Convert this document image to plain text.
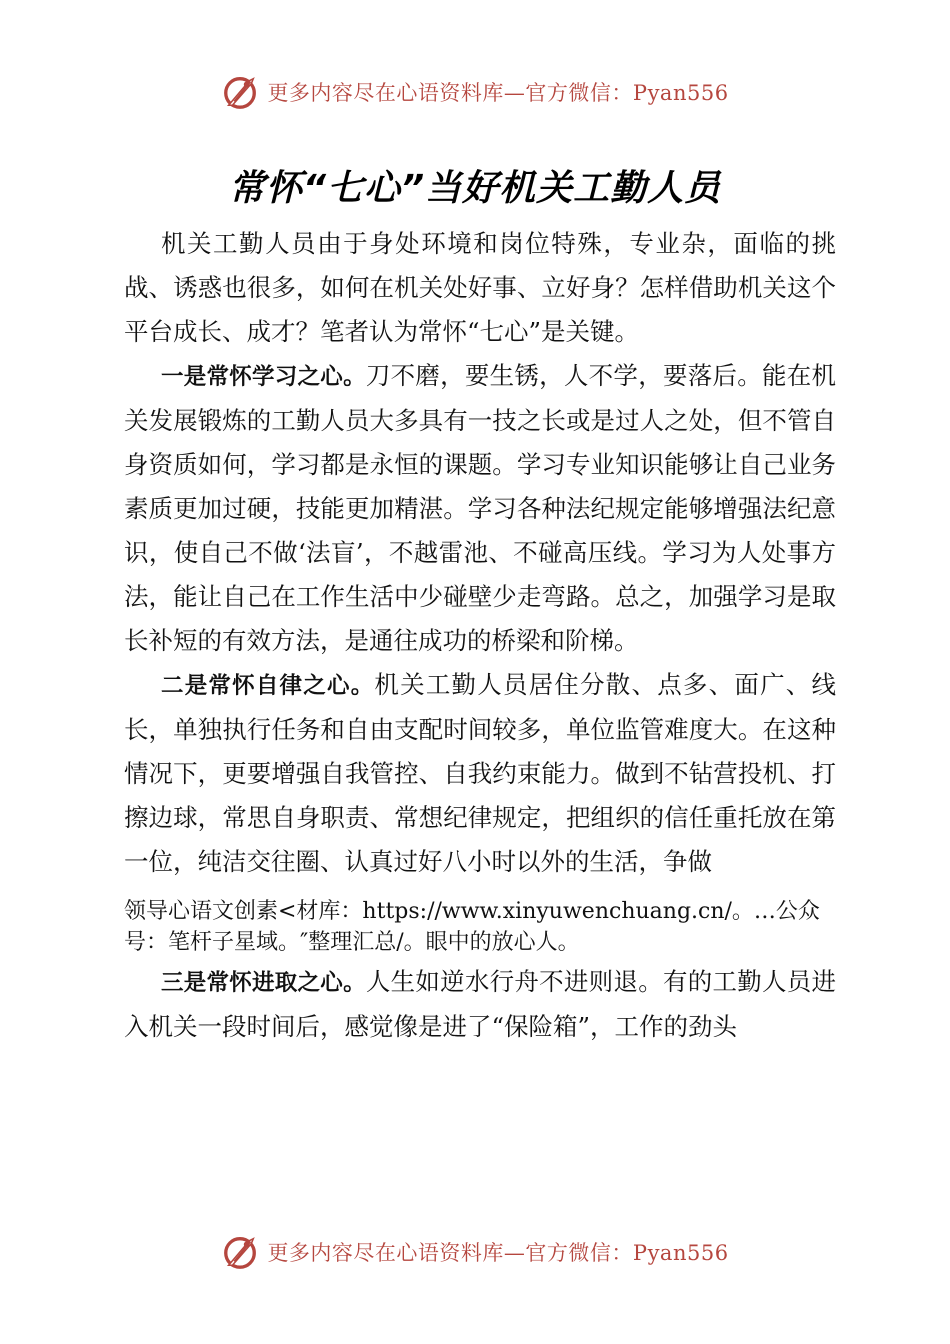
更多内容尽在心语资料库—官方微信：Pyan556
常怀“七心”当好机关工勤人员

机关工勤人员由于身处环境和岗位特殊，专业杂，面临的挑战、诱惑也很多，如何在机关处好事、立好身？怎样借助机关这个平台成长、成才？笔者认为常怀“七心”是关键。

一是常怀学习之心。刀不磨，要生锈，人不学，要落后。能在机关发展锻炼的工勤人员大多具有一技之长或是过人之处，但不管自身资质如何，学习都是永恒的课题。学习专业知识能够让自己业务素质更加过硬，技能更加精湛。学习各种法纪规定能够增强法纪意识，使自己不做‘法盲’，不越雷池、不碰高压线。学习为人处事方法，能让自己在工作生活中少碰壁少走弯路。总之，加强学习是取长补短的有效方法，是通往成功的桥梁和阶梯。

二是常怀自律之心。机关工勤人员居住分散、点多、面广、线长，单独执行任务和自由支配时间较多，单位监管难度大。在这种情况下，更要增强自我管控、自我约束能力。做到不钻营投机、打擦边球，常思自身职责、常想纪律规定，把组织的信任重托放在第一位，纯洁交往圈、认真过好八小时以外的生活，争做

领导心语文创素<材库：https://www.xinyuwenchuang.cn/。…公众号：笔杆子星域。″整理汇总/。眼中的放心人。

三是常怀进取之心。人生如逆水行舟不进则退。有的工勤人员进入机关一段时间后，感觉像是进了“保险箱”，工作的劲头

更多内容尽在心语资料库—官方微信：Pyan556
